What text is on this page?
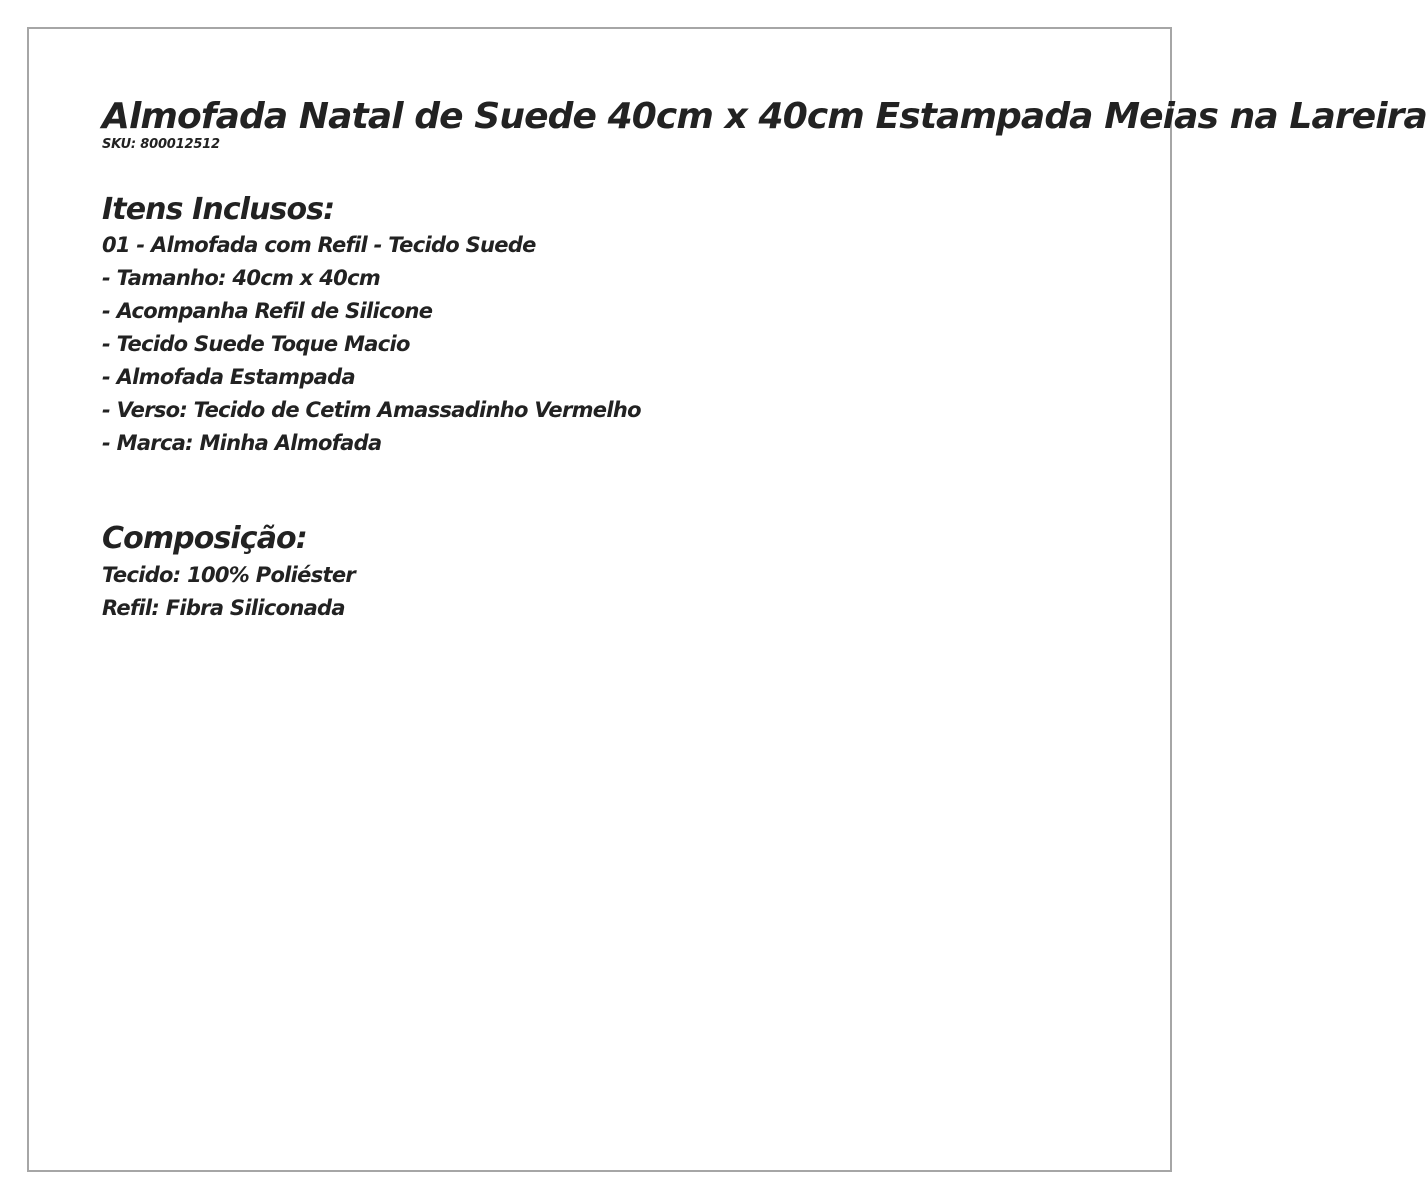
Almofada Natal de Suede 40cm x 40cm Estampada Meias na Lareira
SKU: 800012512
Itens Inclusos:
01 - Almofada com Refil - Tecido Suede
- Tamanho: 40cm x 40cm
- Acompanha Refil de Silicone
- Tecido Suede Toque Macio
- Almofada Estampada
- Verso: Tecido de Cetim Amassadinho Vermelho
- Marca: Minha Almofada
Composição:
Tecido: 100% Poliéster
Refil: Fibra Siliconada
